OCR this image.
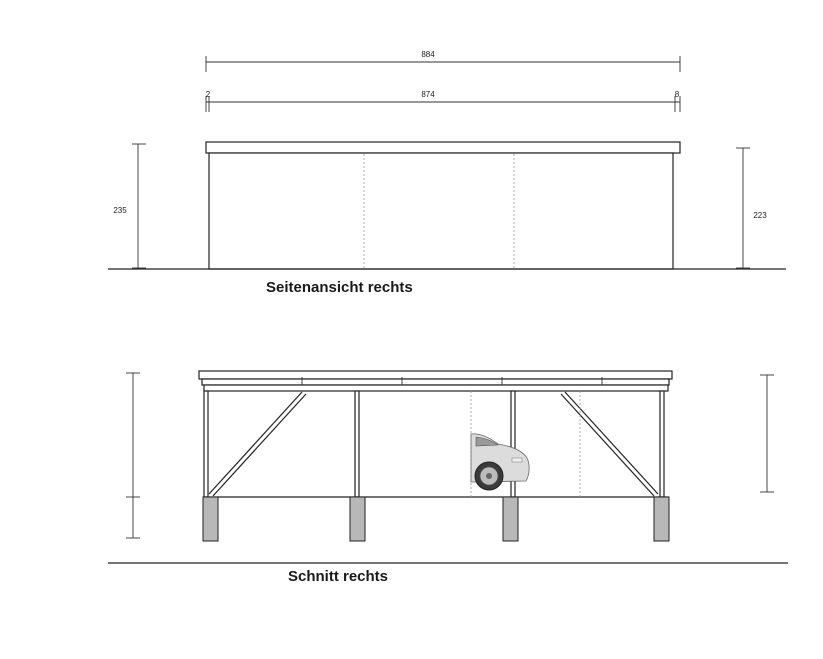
884
874
2	8
235
223
Seitenansicht rechts
Schnitt rechts
